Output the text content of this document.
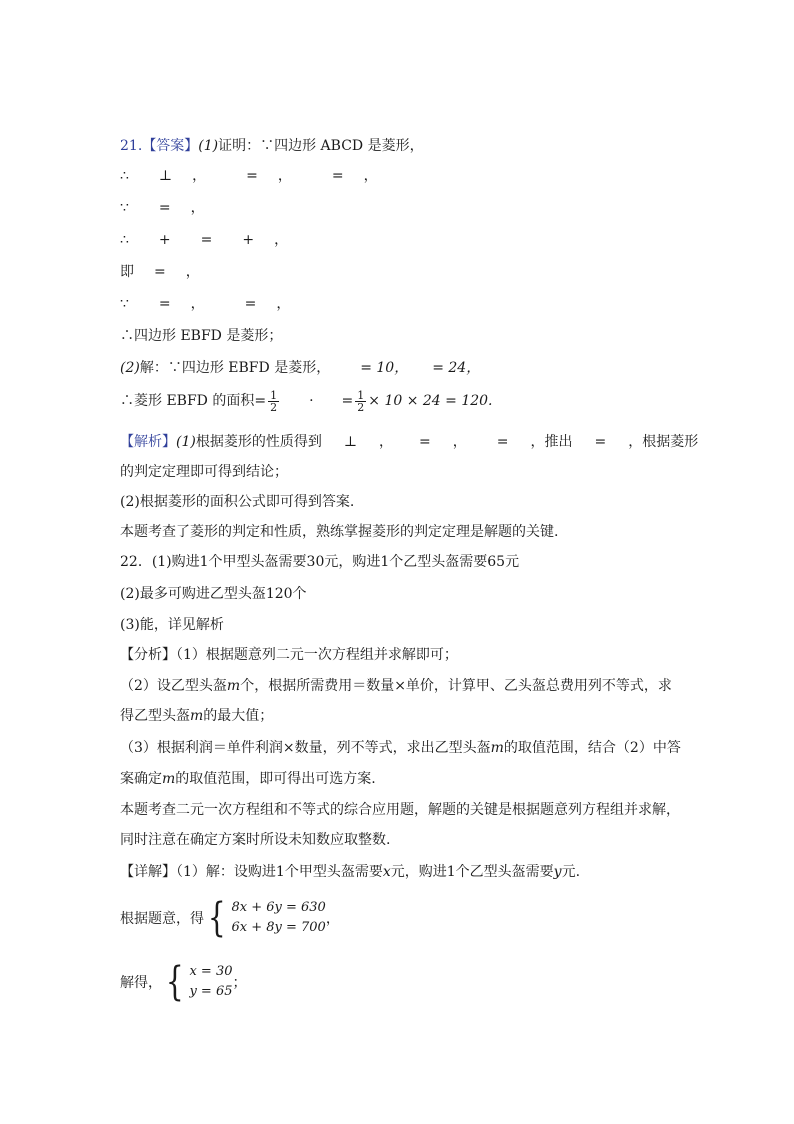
21.【答案】(1)证明：∵四边形 ABCD 是菱形，
∴ ⊥ ，	= ，	= ，
∵ = ，
∴ + = + ，
即 = ，
∵ = ，	= ，
∴四边形 EBFD 是菱形；
(2)解：∵四边形 EBFD 是菱形， = 10， = 24，
∴菱形 EBFD 的面积= $\frac{1}{2}$ · = $\frac{1}{2} \times 10 \times 24 = 120$.
【解析】(1)根据菱形的性质得到 ⊥ ， = ， = ，推出 = ，根据菱形
的判定定理即可得到结论；
(2)根据菱形的面积公式即可得到答案.
本题考查了菱形的判定和性质，熟练掌握菱形的判定定理是解题的关键.
22．(1)购进1个甲型头盔需要30元，购进1个乙型头盔需要65元
(2)最多可购进乙型头盔120个
(3)能，详见解析
【分析】（1）根据题意列二元一次方程组并求解即可；
（2）设乙型头盔m个，根据所需费用＝数量×单价，计算甲、乙头盔总费用列不等式，求
得乙型头盔m的最大值；
（3）根据利润＝单件利润×数量，列不等式，求出乙型头盔m的取值范围，结合（2）中答
案确定m的取值范围，即可得出可选方案.
本题考查二元一次方程组和不等式的综合应用题，解题的关键是根据题意列方程组并求解，
同时注意在确定方案时所设未知数应取整数.
【详解】（1）解：设购进1个甲型头盔需要x元，购进1个乙型头盔需要y元.
根据题意，得 { 8x + 6y = 630
6x + 8y = 700
，
解得， { x = 30
y = 65
；
